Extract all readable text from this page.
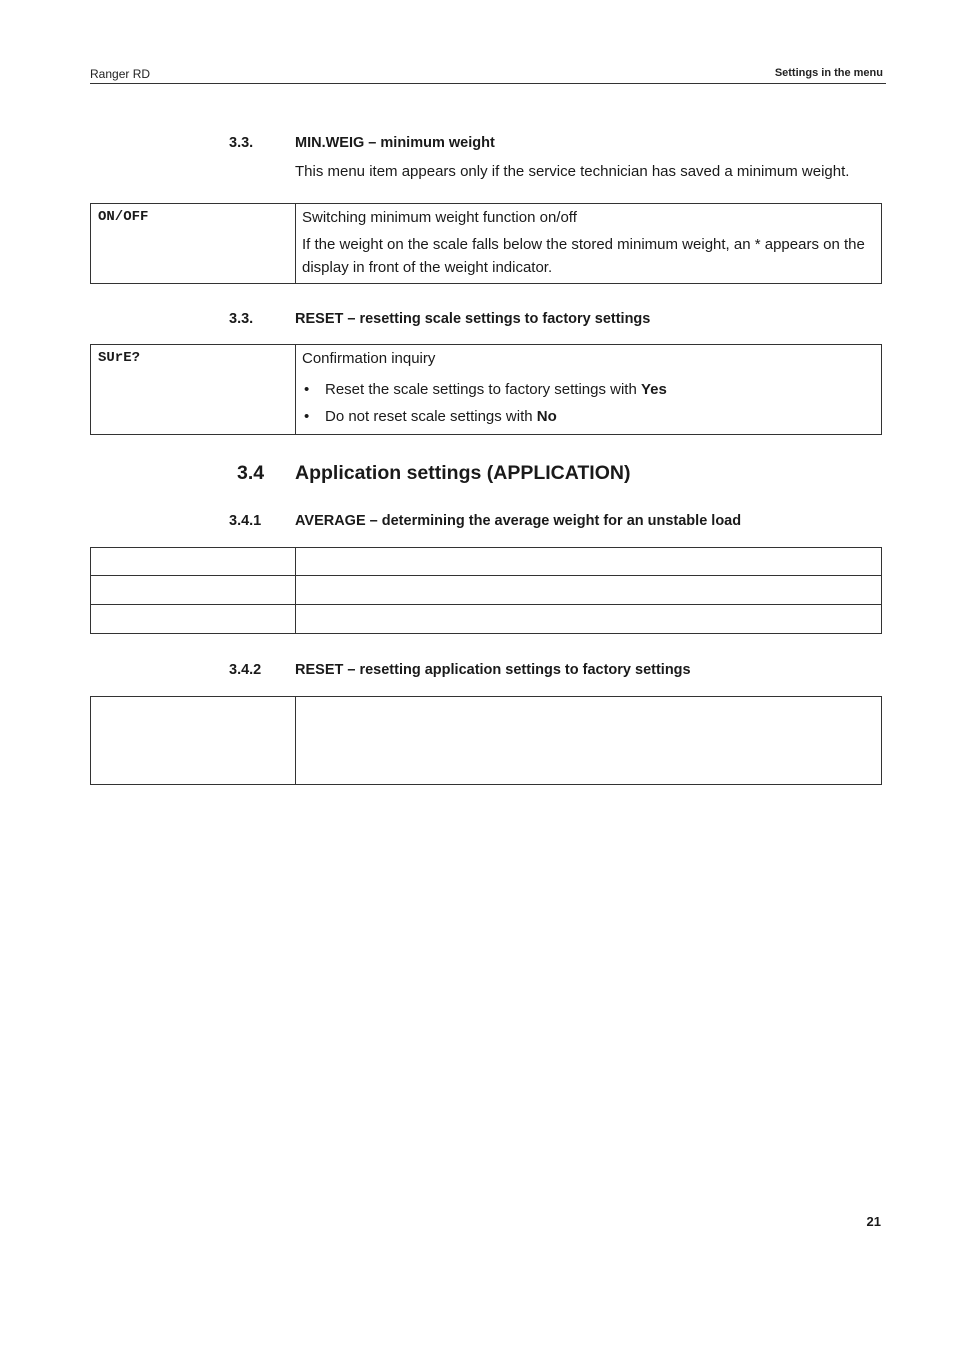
Ranger RD	Settings in the menu
3.3.	MIN.WEIG – minimum weight
This menu item appears only if the service technician has saved a minimum weight.
ON/OFF	Switching minimum weight function on/off

If the weight on the scale falls below the stored minimum weight, an * appears on the display in front of the weight indicator.

3.3.	RESET – resetting scale settings to factory settings
SUrE?	Confirmation inquiry

• Reset the scale settings to factory settings with Yes
• Do not reset scale settings with No
3.4 Application settings (APPLICATION)
3.4.1 AVERAGE – determining the average weight for an unstable load

3.4.2 RESET – resetting application settings to factory settings

21
